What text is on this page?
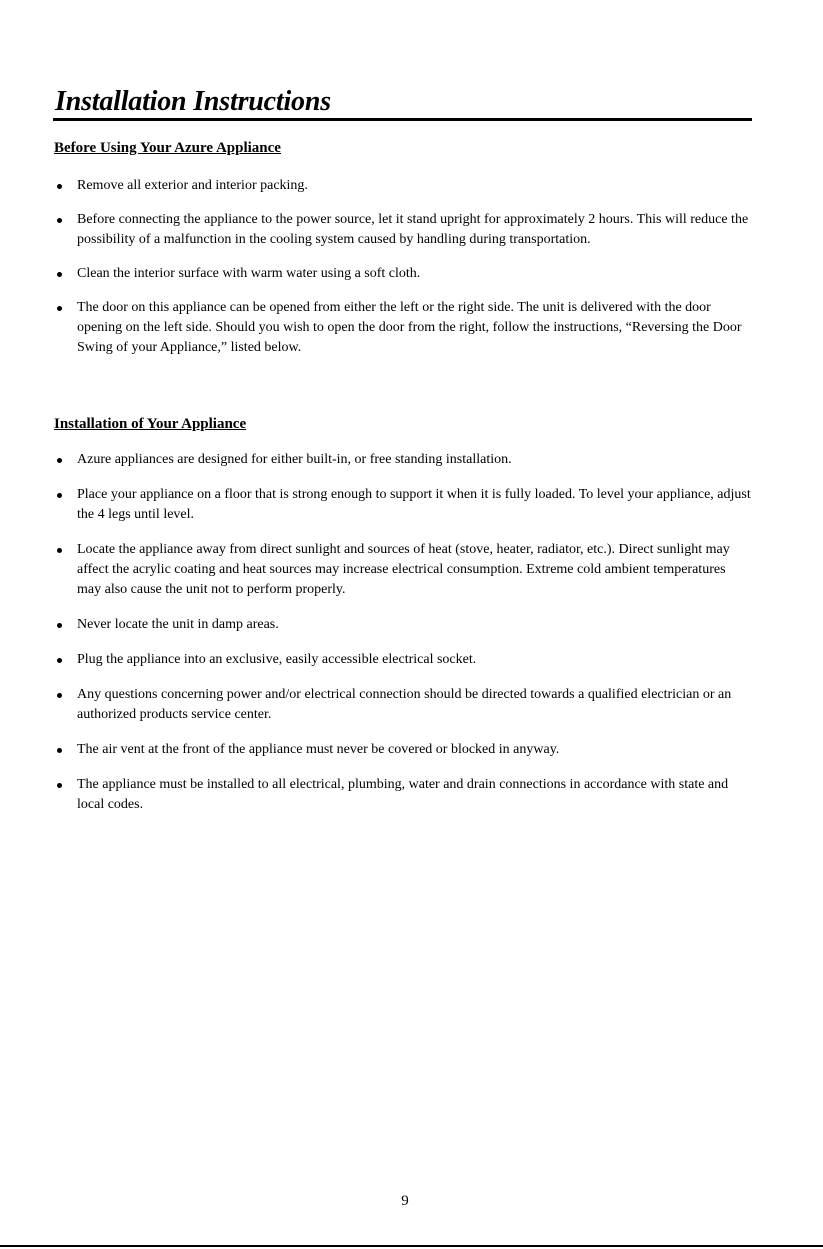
Installation Instructions
Before Using Your Azure Appliance
Remove all exterior and interior packing.
Before connecting the appliance to the power source, let it stand upright for approximately 2 hours. This will reduce the possibility of a malfunction in the cooling system caused by handling during transportation.
Clean the interior surface with warm water using a soft cloth.
The door on this appliance can be opened from either the left or the right side. The unit is delivered with the door opening on the left side. Should you wish to open the door from the right, follow the instructions, “Reversing the Door Swing of your Appliance,” listed below.
Installation of Your Appliance
Azure appliances are designed for either built-in, or free standing installation.
Place your appliance on a floor that is strong enough to support it when it is fully loaded. To level your appliance, adjust the 4 legs until level.
Locate the appliance away from direct sunlight and sources of heat (stove, heater, radiator, etc.). Direct sunlight may affect the acrylic coating and heat sources may increase electrical consumption. Extreme cold ambient temperatures may also cause the unit not to perform properly.
Never locate the unit in damp areas.
Plug the appliance into an exclusive, easily accessible electrical socket.
Any questions concerning power and/or electrical connection should be directed towards a qualified electrician or an authorized products service center.
The air vent at the front of the appliance must never be covered or blocked in anyway.
The appliance must be installed to all electrical, plumbing, water and drain connections in accordance with state and local codes.
9
